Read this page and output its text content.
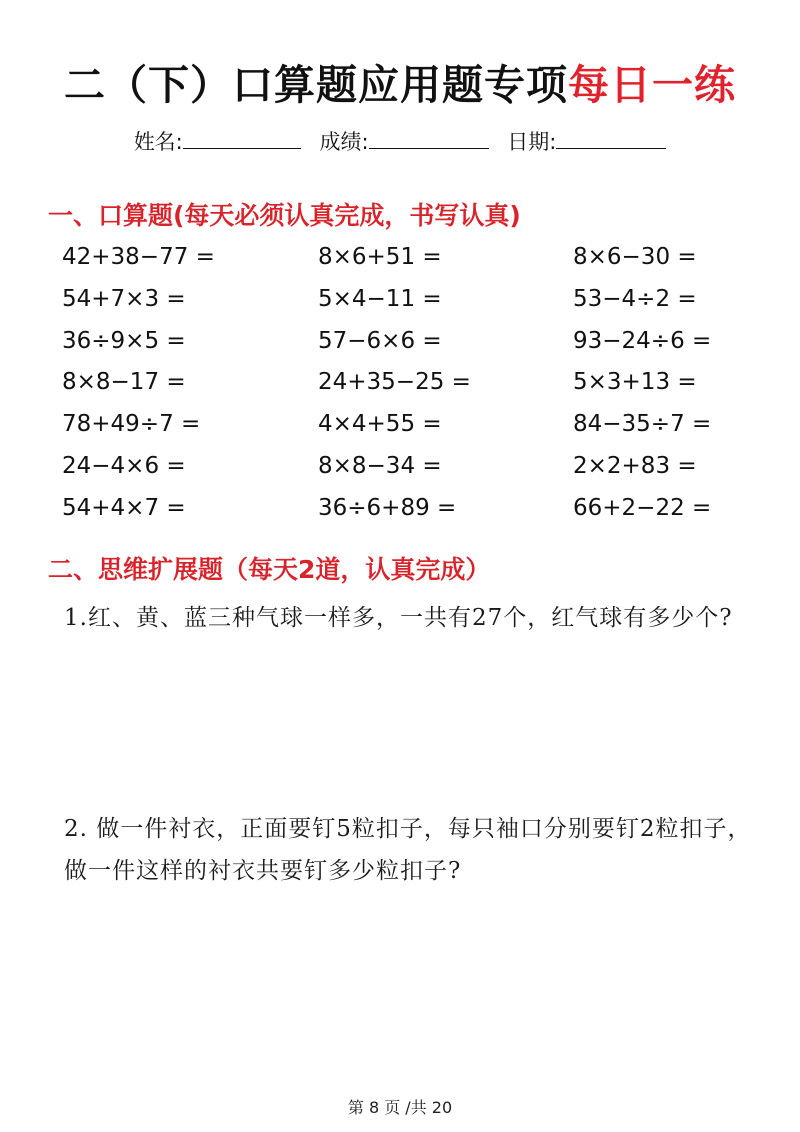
二（下）口算题应用题专项每日一练
姓名:	成绩:	日期:
一、口算题(每天必须认真完成，书写认真)
42+38−77 =	8×6+51 =	8×6−30 =
54+7×3 =	5×4−11 =	53−4÷2 =
36÷9×5 =	57−6×6 =	93−24÷6 =
8×8−17 =	24+35−25 =	5×3+13 =
78+49÷7 =	4×4+55 =	84−35÷7 =
24−4×6 =	8×8−34 =	2×2+83 =
54+4×7 =	36÷6+89 =	66+2−22 =
二、思维扩展题（每天2道，认真完成）
1.红、黄、蓝三种气球一样多，一共有27个，红气球有多少个?
2. 做一件衬衣，正面要钉5粒扣子，每只袖口分别要钉2粒扣子，做一件这样的衬衣共要钉多少粒扣子?
第 8 页 /共 20
